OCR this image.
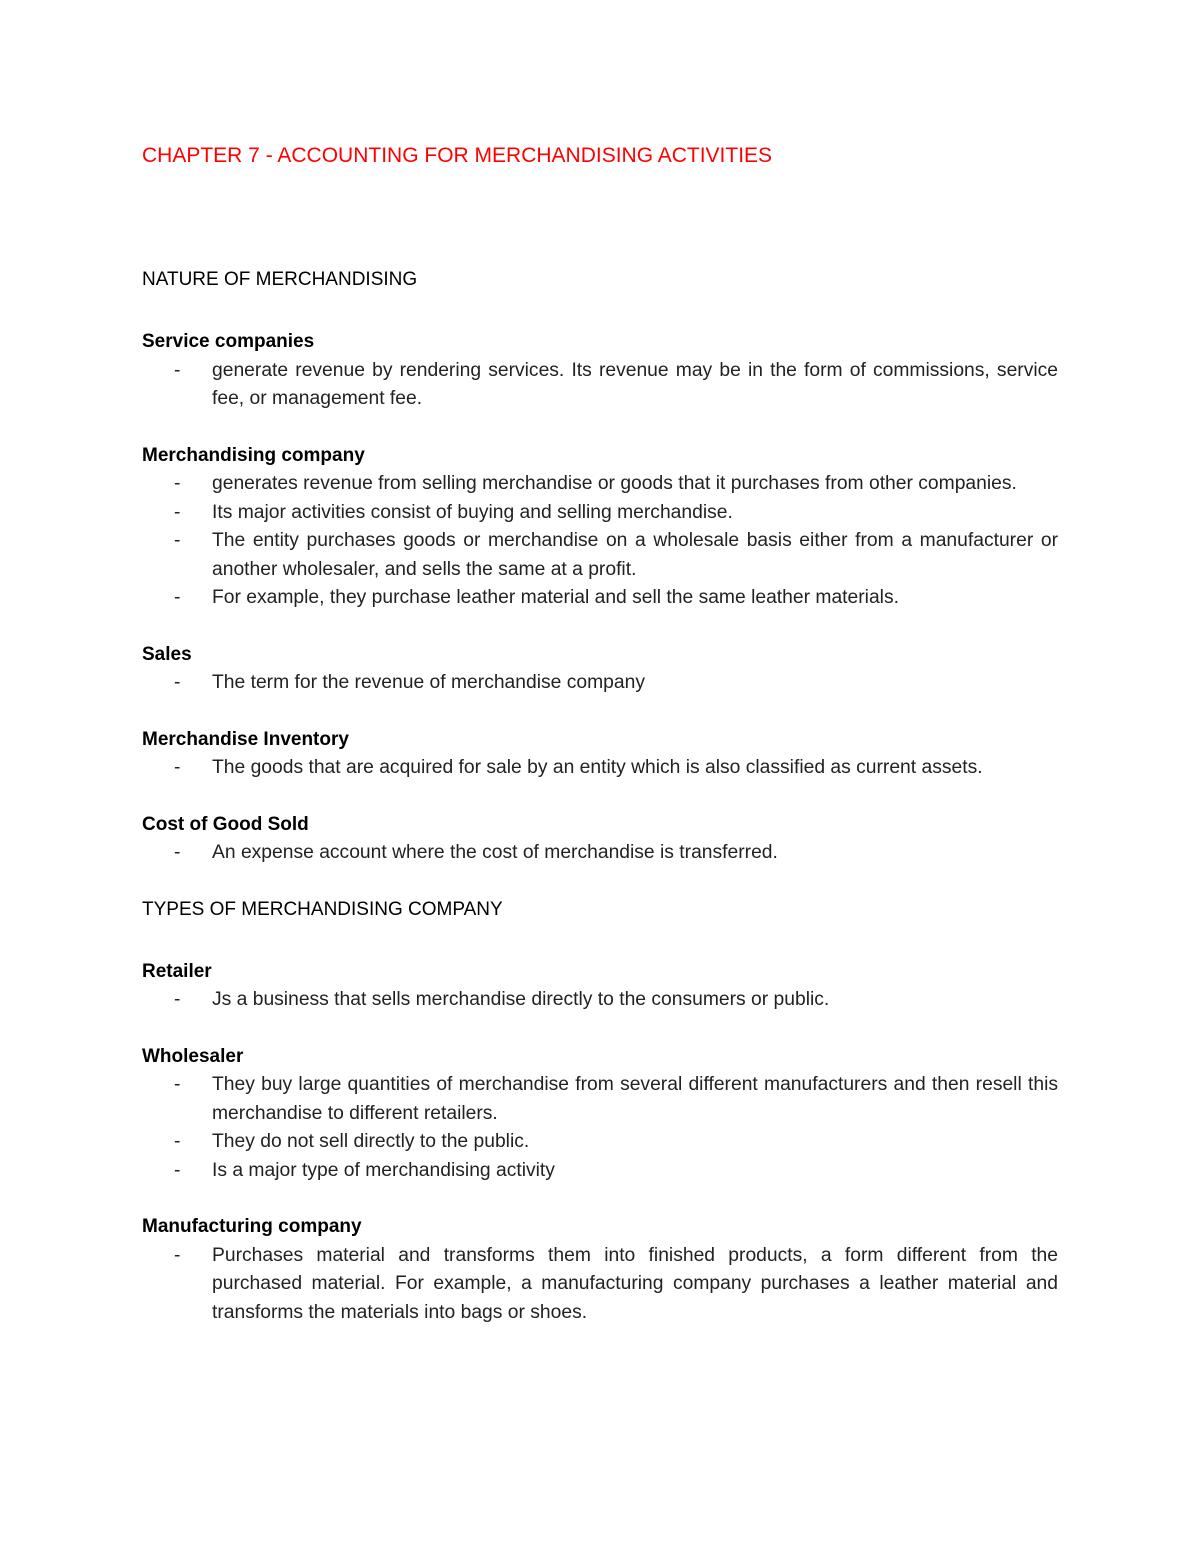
CHAPTER 7 - ACCOUNTING FOR MERCHANDISING ACTIVITIES
NATURE OF MERCHANDISING
Service companies
- generate revenue by rendering services. Its revenue may be in the form of commissions, service fee, or management fee.
Merchandising company
- generates revenue from selling merchandise or goods that it purchases from other companies.
- Its major activities consist of buying and selling merchandise.
- The entity purchases goods or merchandise on a wholesale basis either from a manufacturer or another wholesaler, and sells the same at a profit.
- For example, they purchase leather material and sell the same leather materials.
Sales
- The term for the revenue of merchandise company
Merchandise Inventory
- The goods that are acquired for sale by an entity which is also classified as current assets.
Cost of Good Sold
- An expense account where the cost of merchandise is transferred.
TYPES OF MERCHANDISING COMPANY
Retailer
- Js a business that sells merchandise directly to the consumers or public.
Wholesaler
- They buy large quantities of merchandise from several different manufacturers and then resell this merchandise to different retailers.
- They do not sell directly to the public.
- Is a major type of merchandising activity
Manufacturing company
- Purchases material and transforms them into finished products, a form different from the purchased material. For example, a manufacturing company purchases a leather material and transforms the materials into bags or shoes.
